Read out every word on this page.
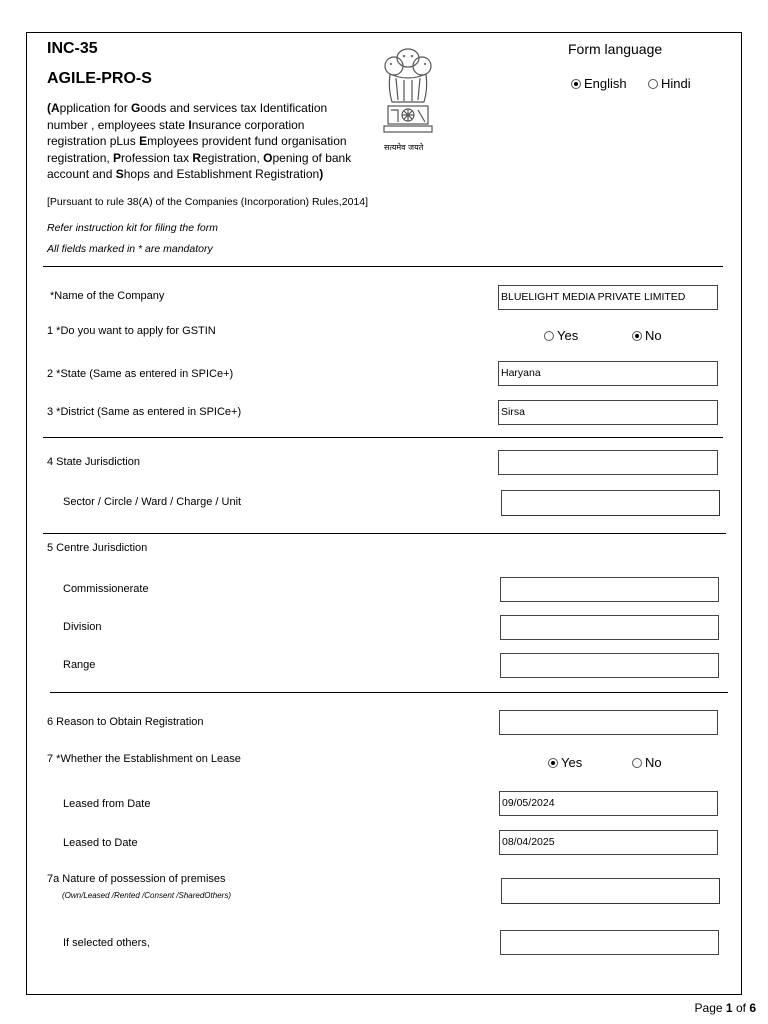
INC-35
AGILE-PRO-S
(Application for Goods and services tax Identification number , employees state Insurance corporation registration pLus Employees provident fund organisation registration, Profession tax Registration, Opening of bank account and Shops and Establishment Registration)
सत्यमेव जयते
Form language
English	Hindi
[Pursuant to rule 38(A) of the Companies (Incorporation) Rules,2014]
Refer instruction kit for filing the form
All fields marked in * are mandatory
*Name of the Company	BLUELIGHT MEDIA PRIVATE LIMITED
1 *Do you want to apply for GSTIN	Yes	No
2 *State (Same as entered in SPICe+)	Haryana
3 *District (Same as entered in SPICe+)	Sirsa
4 State Jurisdiction
Sector / Circle / Ward / Charge / Unit
5 Centre Jurisdiction
Commissionerate
Division
Range
6 Reason to Obtain Registration
7 *Whether the Establishment on Lease	Yes	No
Leased from Date	09/05/2024
Leased to Date	08/04/2025
7a Nature of possession of premises
(Own/Leased /Rented /Consent /SharedOthers)
If selected others,
Page 1 of 6
